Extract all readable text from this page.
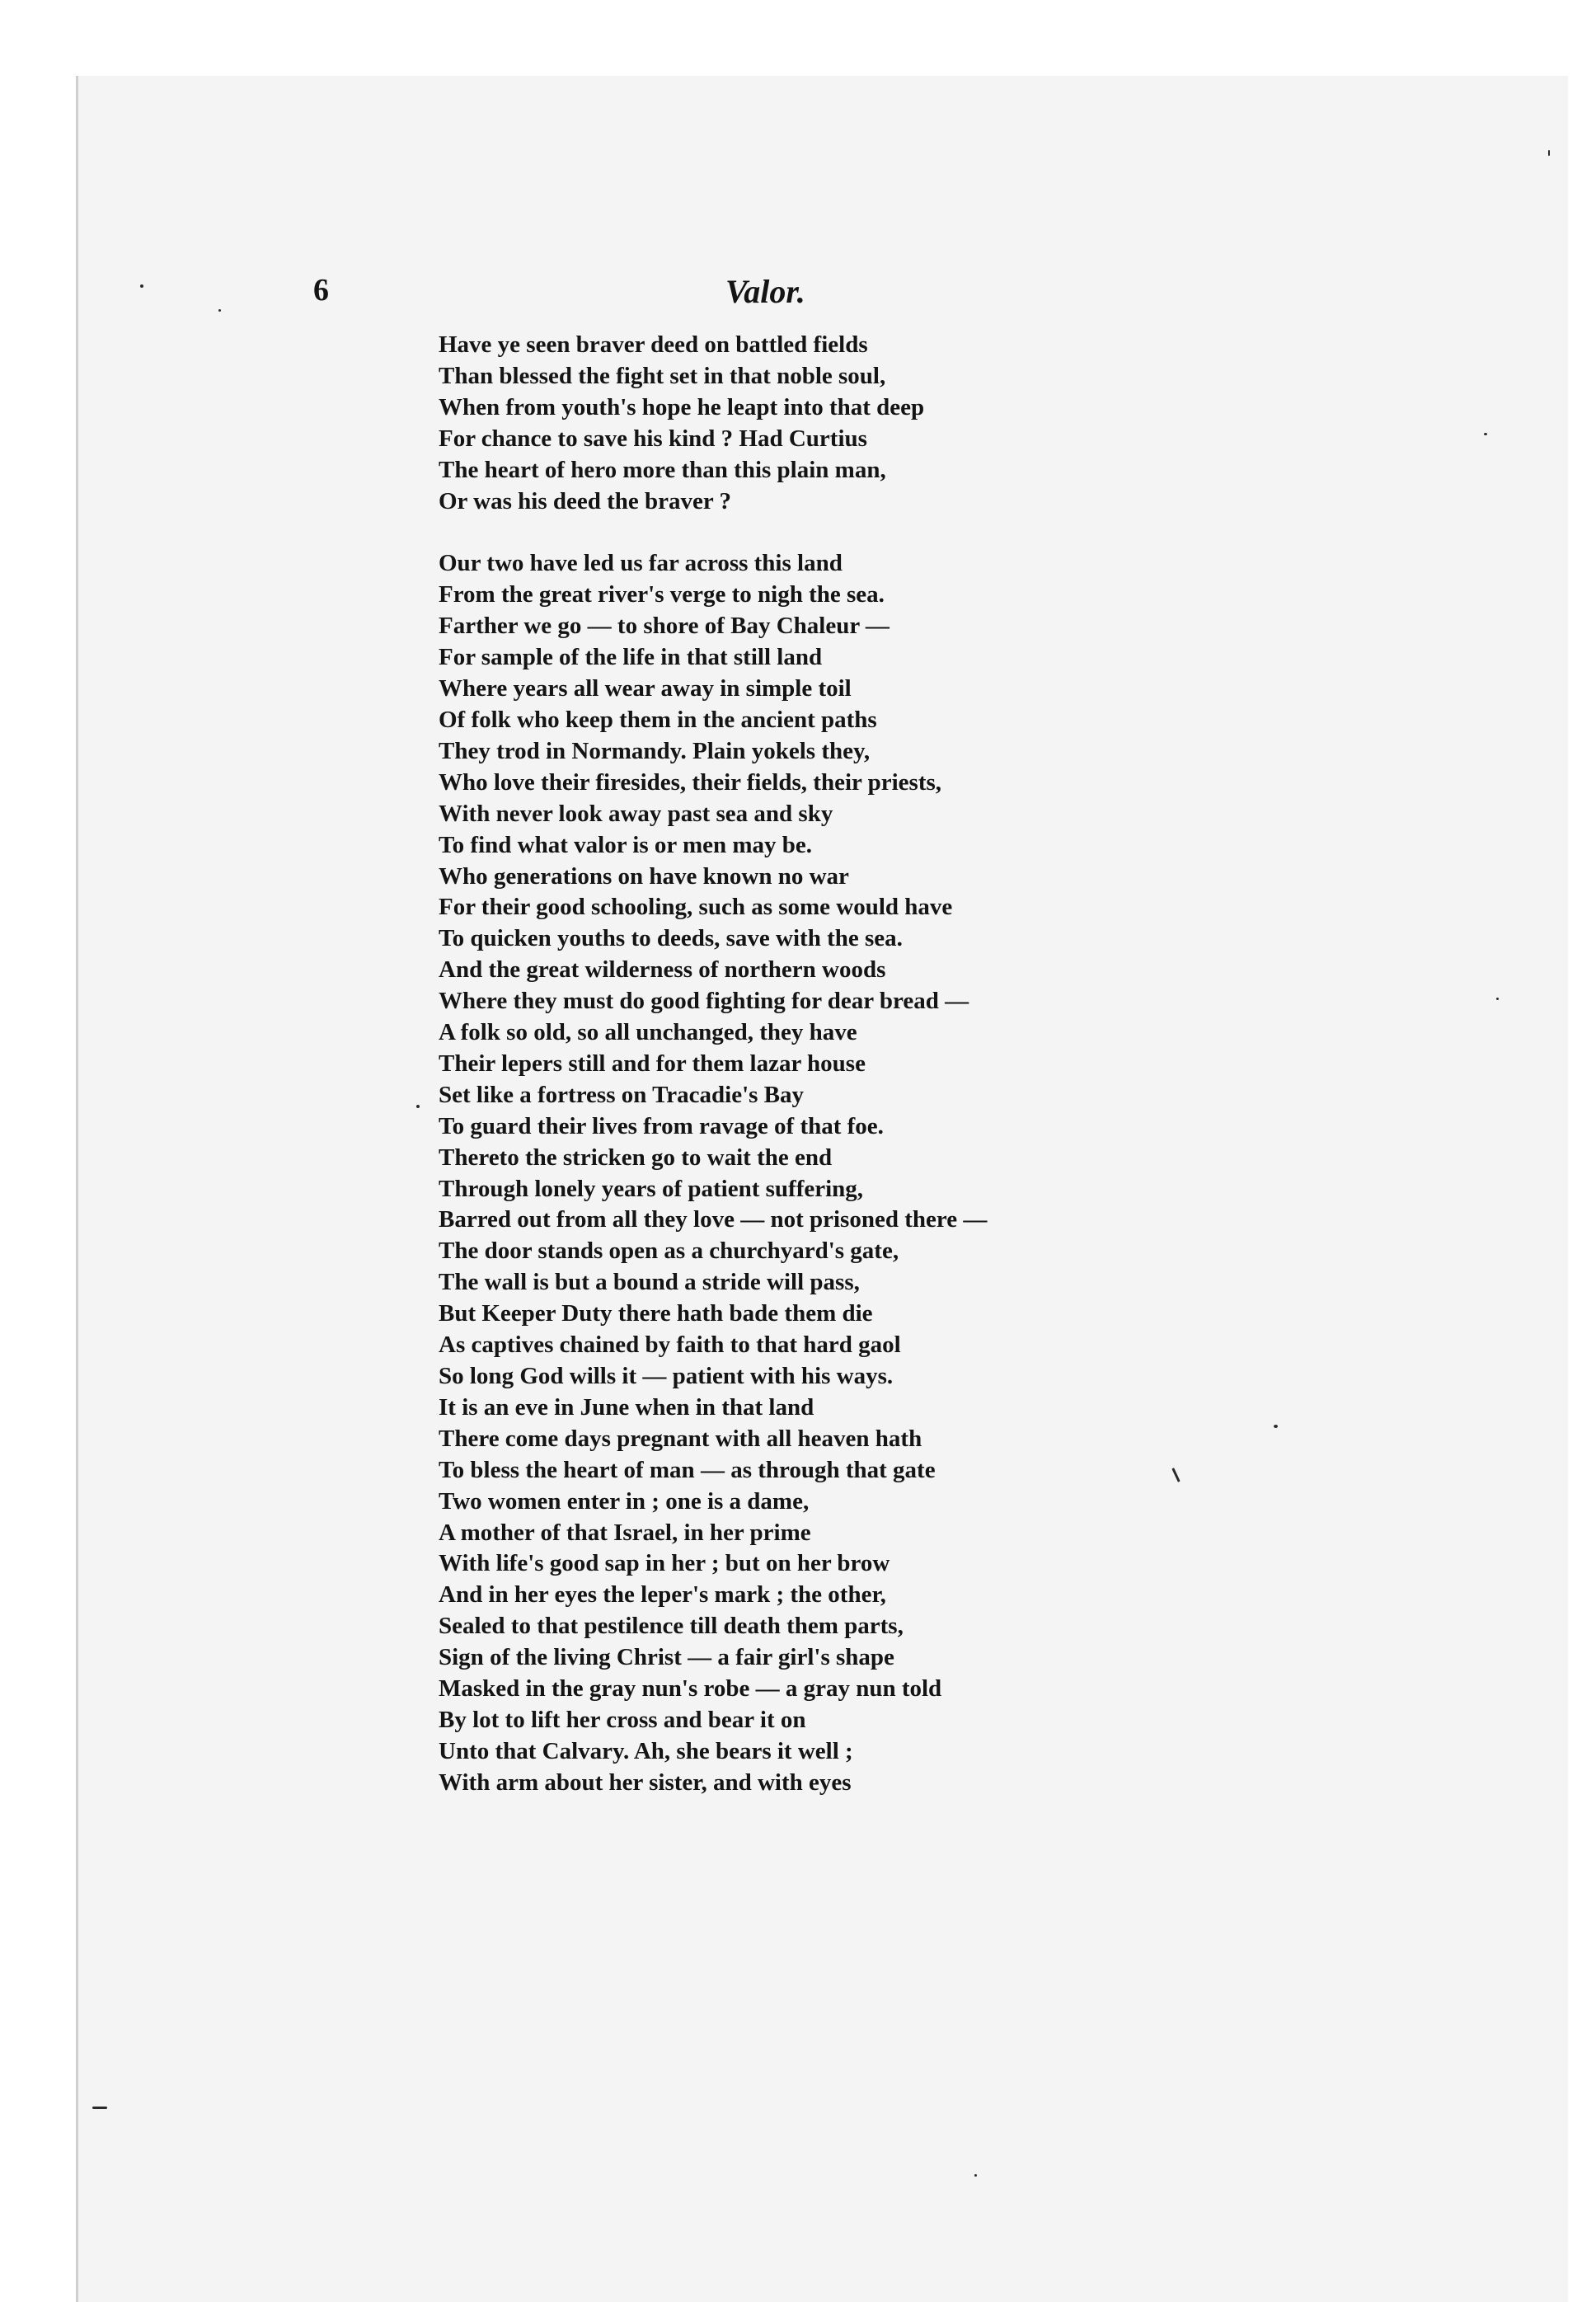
6	Valor.
Have ye seen braver deed on battled fields
Than blessed the fight set in that noble soul,
When from youth's hope he leapt into that deep
For chance to save his kind ? Had Curtius
The heart of hero more than this plain man,
Or was his deed the braver ?
Our two have led us far across this land
From the great river's verge to nigh the sea.
Farther we go — to shore of Bay Chaleur —
For sample of the life in that still land
Where years all wear away in simple toil
Of folk who keep them in the ancient paths
They trod in Normandy. Plain yokels they,
Who love their firesides, their fields, their priests,
With never look away past sea and sky
To find what valor is or men may be.
Who generations on have known no war
For their good schooling, such as some would have
To quicken youths to deeds, save with the sea.
And the great wilderness of northern woods
Where they must do good fighting for dear bread —
A folk so old, so all unchanged, they have
Their lepers still and for them lazar house
Set like a fortress on Tracadie's Bay
To guard their lives from ravage of that foe.
Thereto the stricken go to wait the end
Through lonely years of patient suffering,
Barred out from all they love — not prisoned there —
The door stands open as a churchyard's gate,
The wall is but a bound a stride will pass,
But Keeper Duty there hath bade them die
As captives chained by faith to that hard gaol
So long God wills it — patient with his ways.
It is an eve in June when in that land
There come days pregnant with all heaven hath
To bless the heart of man — as through that gate
Two women enter in ; one is a dame,
A mother of that Israel, in her prime
With life's good sap in her ; but on her brow
And in her eyes the leper's mark ; the other,
Sealed to that pestilence till death them parts,
Sign of the living Christ — a fair girl's shape
Masked in the gray nun's robe — a gray nun told
By lot to lift her cross and bear it on
Unto that Calvary. Ah, she bears it well ;
With arm about her sister, and with eyes
